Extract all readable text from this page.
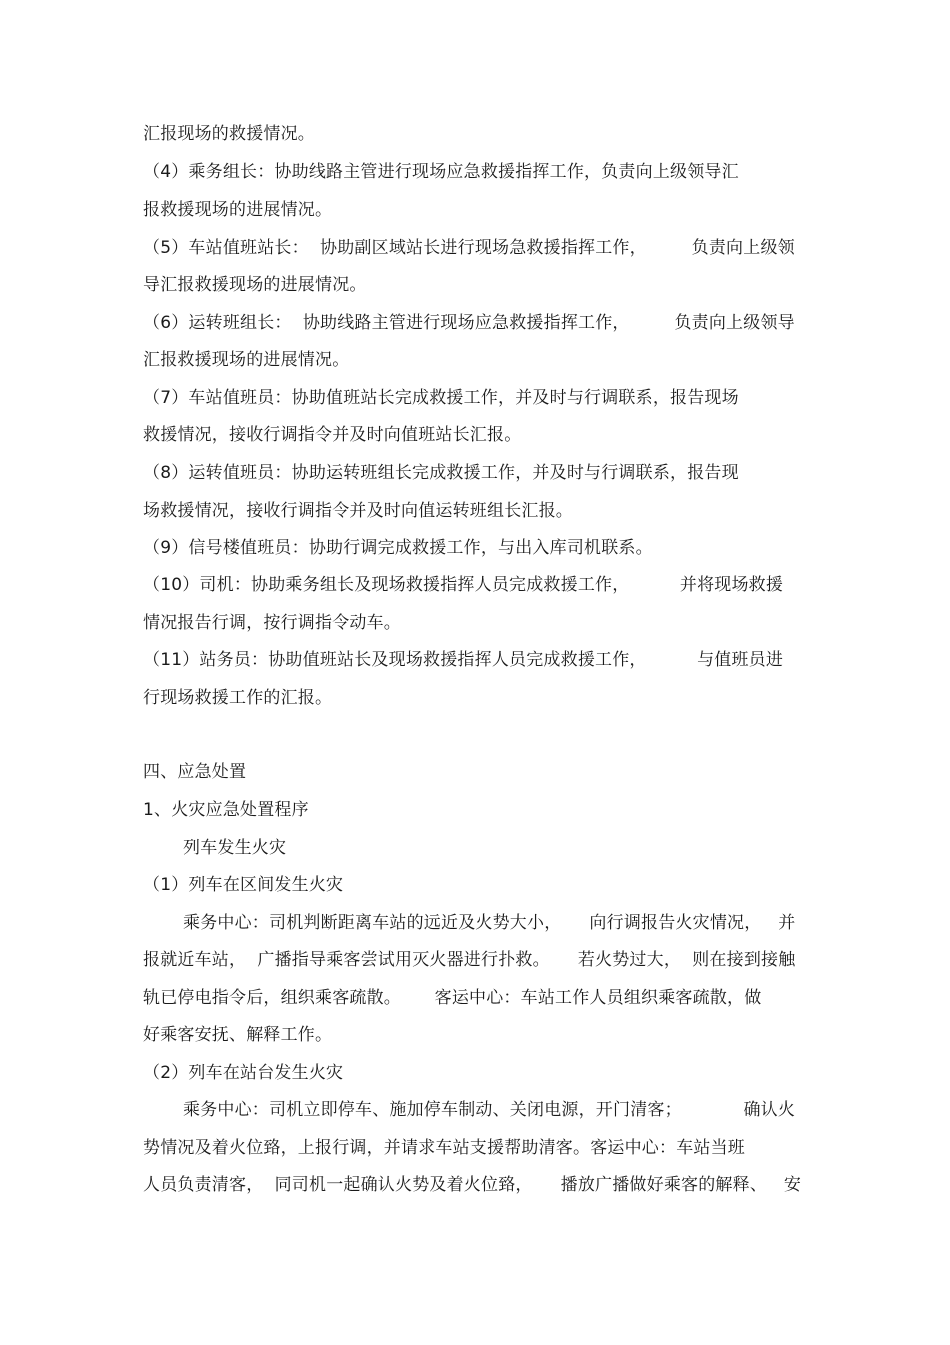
汇报现场的救援情况。
（4）乘务组长：协助线路主管进行现场应急救援指挥工作，负责向上级领导汇
报救援现场的进展情况。
（5）车站值班站长：  协助副区域站长进行现场急救援指挥工作，        负责向上级领
导汇报救援现场的进展情况。
（6）运转班组长：  协助线路主管进行现场应急救援指挥工作，        负责向上级领导
汇报救援现场的进展情况。
（7）车站值班员：协助值班站长完成救援工作，并及时与行调联系，报告现场
救援情况，接收行调指令并及时向值班站长汇报。
（8）运转值班员：协助运转班组长完成救援工作，并及时与行调联系，报告现
场救援情况，接收行调指令并及时向值运转班组长汇报。
（9）信号楼值班员：协助行调完成救援工作，与出入库司机联系。
（10）司机：协助乘务组长及现场救援指挥人员完成救援工作，         并将现场救援
情况报告行调，按行调指令动车。
（11）站务员：协助值班站长及现场救援指挥人员完成救援工作，         与值班员进
行现场救援工作的汇报。
四、应急处置
1、火灾应急处置程序
列车发生火灾
（1）列车在区间发生火灾
乘务中心：司机判断距离车站的远近及火势大小，     向行调报告火灾情况，   并
报就近车站，  广播指导乘客尝试用灭火器进行扑救。     若火势过大，  则在接到接触
轨已停电指令后，组织乘客疏散。      客运中心：车站工作人员组织乘客疏散，做
好乘客安抚、解释工作。
（2）列车在站台发生火灾
乘务中心：司机立即停车、施加停车制动、关闭电源，开门清客；           确认火
势情况及着火位臵，上报行调，并请求车站支援帮助清客。客运中心：车站当班
人员负责清客，  同司机一起确认火势及着火位臵，     播放广播做好乘客的解释、   安
